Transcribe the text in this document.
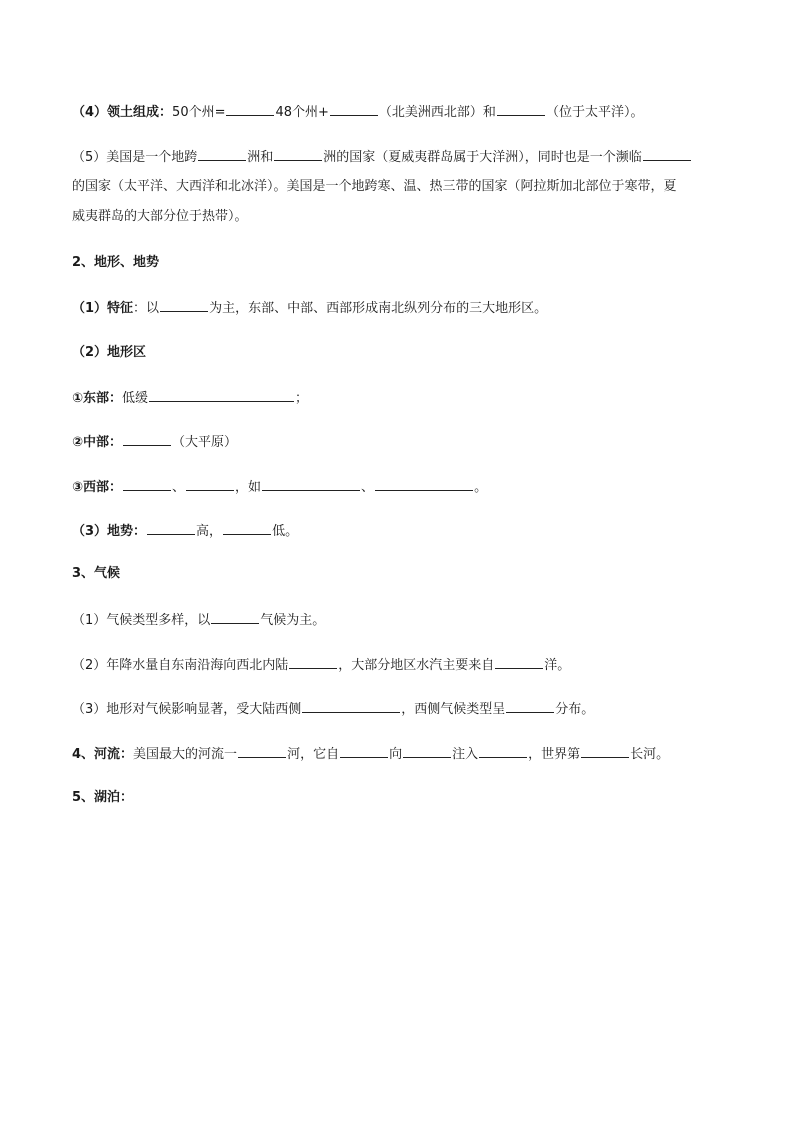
（4）领土组成：50个州=	48个州+	（北美洲西北部）和	（位于太平洋）。
（5）美国是一个地跨	洲和	洲的国家（夏威夷群岛属于大洋洲），同时也是一个濒临
的国家（太平洋、大西洋和北冰洋）。美国是一个地跨寒、温、热三带的国家（阿拉斯加北部位于寒带，夏
威夷群岛的大部分位于热带）。
2、地形、地势
（1）特征：以	为主，东部、中部、西部形成南北纵列分布的三大地形区。
（2）地形区
①东部：低缓	；
②中部：	（大平原）
③西部：	、	，如	、	。
（3）地势：	高，	低。
3、气候
（1）气候类型多样，以	气候为主。
（2）年降水量自东南沿海向西北内陆	，大部分地区水汽主要来自	洋。
（3）地形对气候影响显著，受大陆西侧	，西侧气候类型呈	分布。
4、河流：美国最大的河流一	河，它自	向	注入	，世界第	长河。
5、湖泊：
